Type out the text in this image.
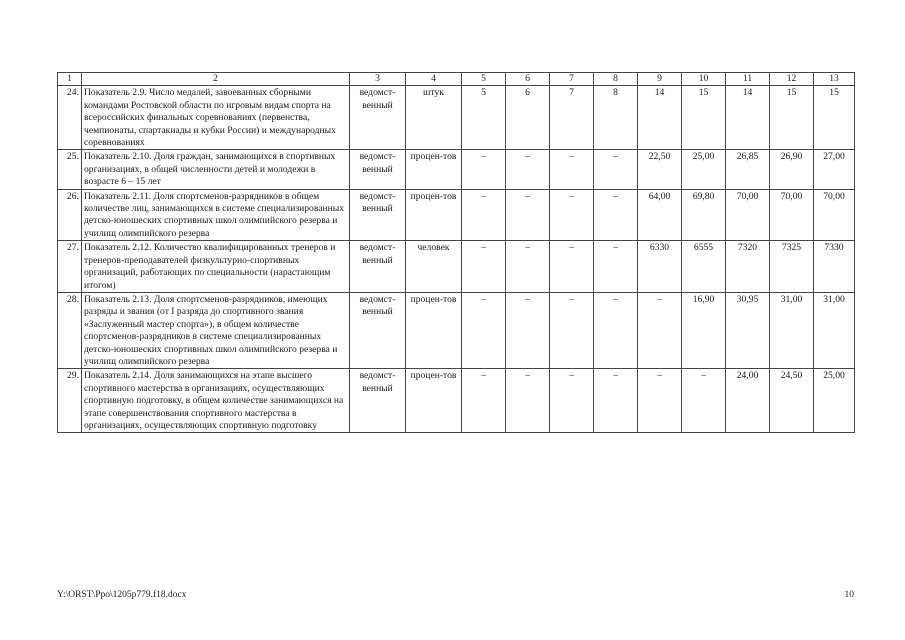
1	2	3	4	5	6	7	8	9	10	11	12	13
24.	Показатель 2.9. Число медалей, завоеванных сборными командами Ростовской области по игровым видам спорта на всероссийских финальных соревнованиях (первенства, чемпионаты, спартакиады и кубки России) и международных соревнованиях	ведомст-венный	штук	5	6	7	8	14	15	14	15	15
25.	Показатель 2.10. Доля граждан, занимающихся в спортивных организациях, в общей численности детей и молодежи в возрасте 6 – 15 лет	ведомст-венный	процен-тов	–	–	–	–	22,50	25,00	26,85	26,90	27,00
26.	Показатель 2.11. Доля спортсменов-разрядников в общем количестве лиц, занимающихся в системе специализированных детско-юношеских спортивных школ олимпийского резерва и училищ олимпийского резерва	ведомст-венный	процен-тов	–	–	–	–	64,00	69,80	70,00	70,00	70,00
27.	Показатель 2.12. Количество квалифицированных тренеров и тренеров-преподавателей физкультурно-спортивных организаций, работающих по специальности (нарастающим итогом)	ведомст-венный	человек	–	–	–	–	6330	6555	7320	7325	7330
28.	Показатель 2.13. Доля спортсменов-разрядников, имеющих разряды и звания (от I разряда до спортивного звания «Заслуженный мастер спорта»), в общем количестве спортсменов-разрядников в системе специализированных детско-юношеских спортивных школ олимпийского резерва и училищ олимпийского резерва	ведомст-венный	процен-тов	–	–	–	–	–	16,90	30,95	31,00	31,00
29.	Показатель 2.14. Доля занимающихся на этапе высшего спортивного мастерства в организациях, осуществляющих спортивную подготовку, в общем количестве занимающихся на этапе совершенствования спортивного мастерства в организациях, осуществляющих спортивную подготовку	ведомст-венный	процен-тов	–	–	–	–	–	–	24,00	24,50	25,00
Y:\ORST\Ppo\1205p779.f18.docx	10
